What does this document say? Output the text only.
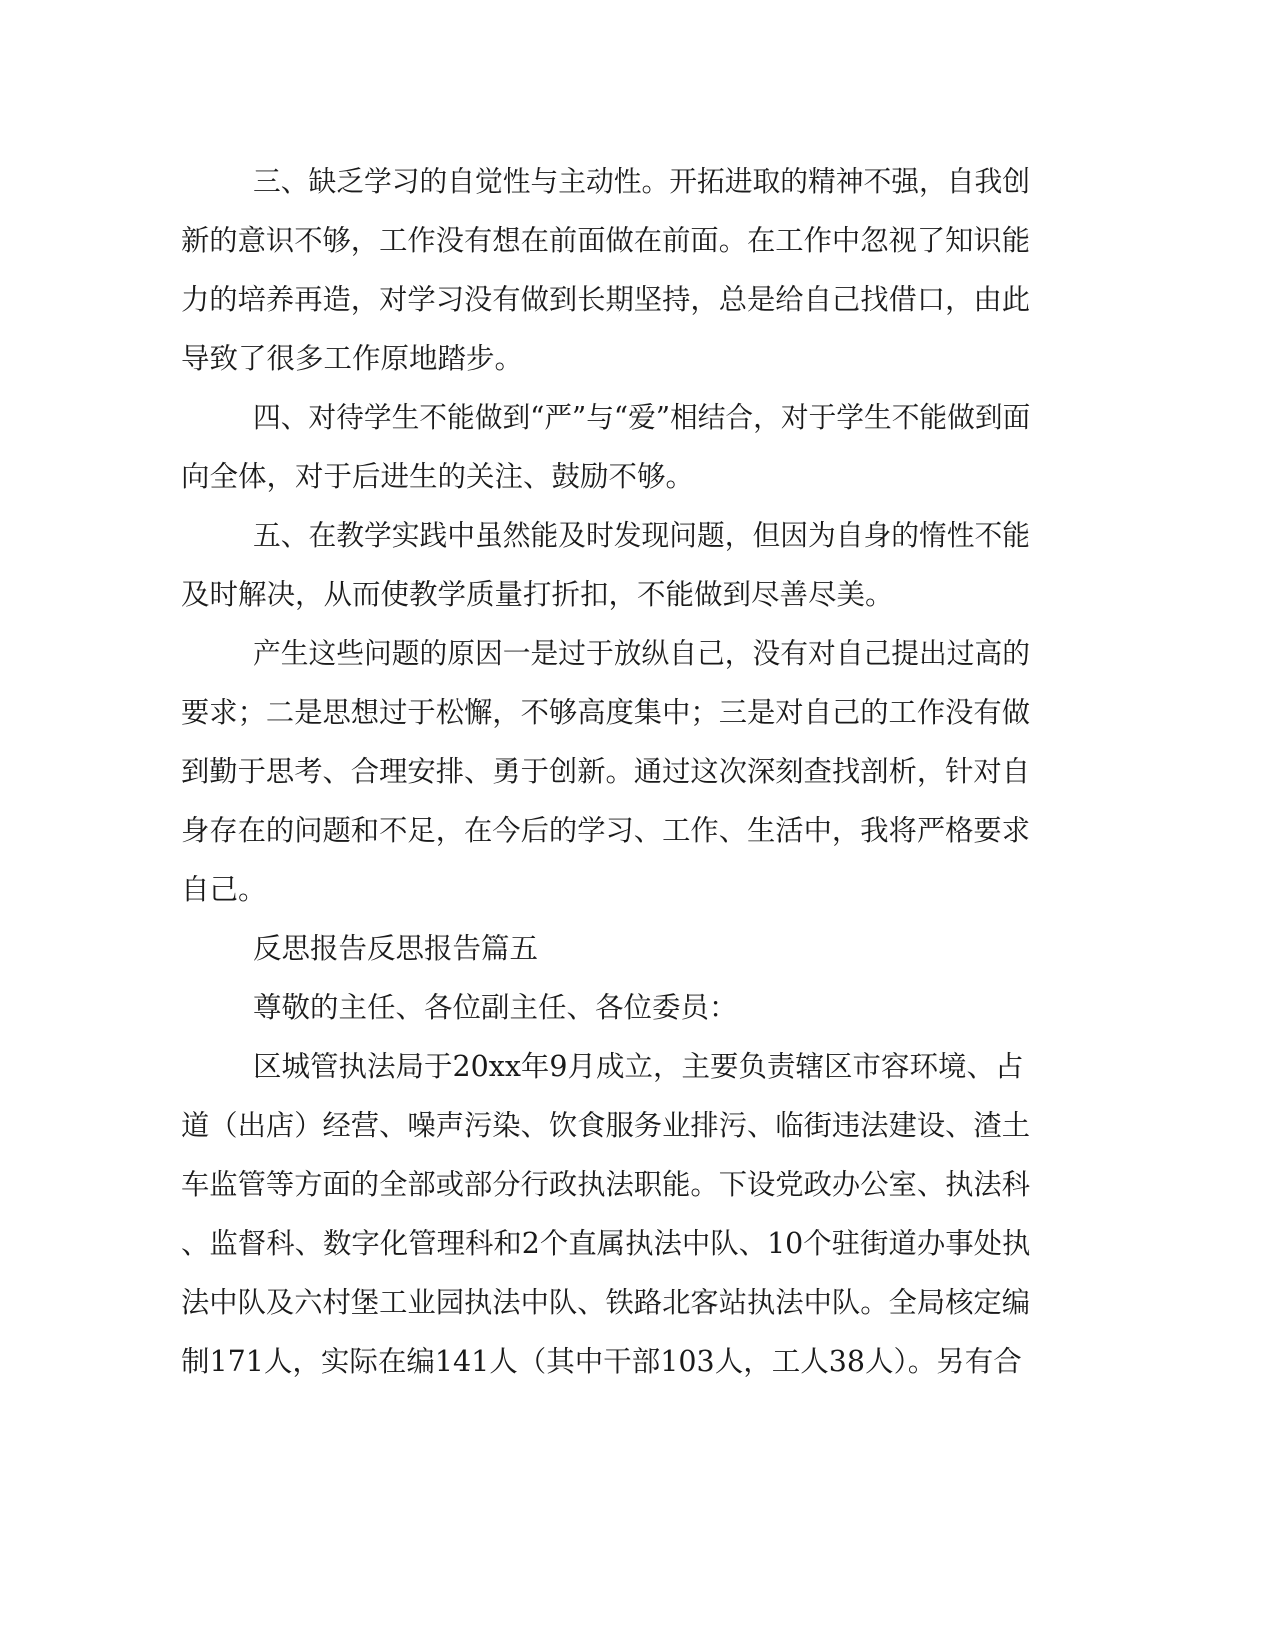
三、缺乏学习的自觉性与主动性。开拓进取的精神不强，自我创
新的意识不够，工作没有想在前面做在前面。在工作中忽视了知识能
力的培养再造，对学习没有做到长期坚持，总是给自己找借口，由此
导致了很多工作原地踏步。
四、对待学生不能做到“严”与“爱”相结合，对于学生不能做到面
向全体，对于后进生的关注、鼓励不够。
五、在教学实践中虽然能及时发现问题，但因为自身的惰性不能
及时解决，从而使教学质量打折扣，不能做到尽善尽美。
产生这些问题的原因一是过于放纵自己，没有对自己提出过高的
要求；二是思想过于松懈，不够高度集中；三是对自己的工作没有做
到勤于思考、合理安排、勇于创新。通过这次深刻查找剖析，针对自
身存在的问题和不足，在今后的学习、工作、生活中，我将严格要求
自己。
反思报告反思报告篇五
尊敬的主任、各位副主任、各位委员：
区城管执法局于20xx年9月成立，主要负责辖区市容环境、占
道（出店）经营、噪声污染、饮食服务业排污、临街违法建设、渣土
车监管等方面的全部或部分行政执法职能。下设党政办公室、执法科
、监督科、数字化管理科和2个直属执法中队、10个驻街道办事处执
法中队及六村堡工业园执法中队、铁路北客站执法中队。全局核定编
制171人，实际在编141人（其中干部103人，工人38人）。另有合
